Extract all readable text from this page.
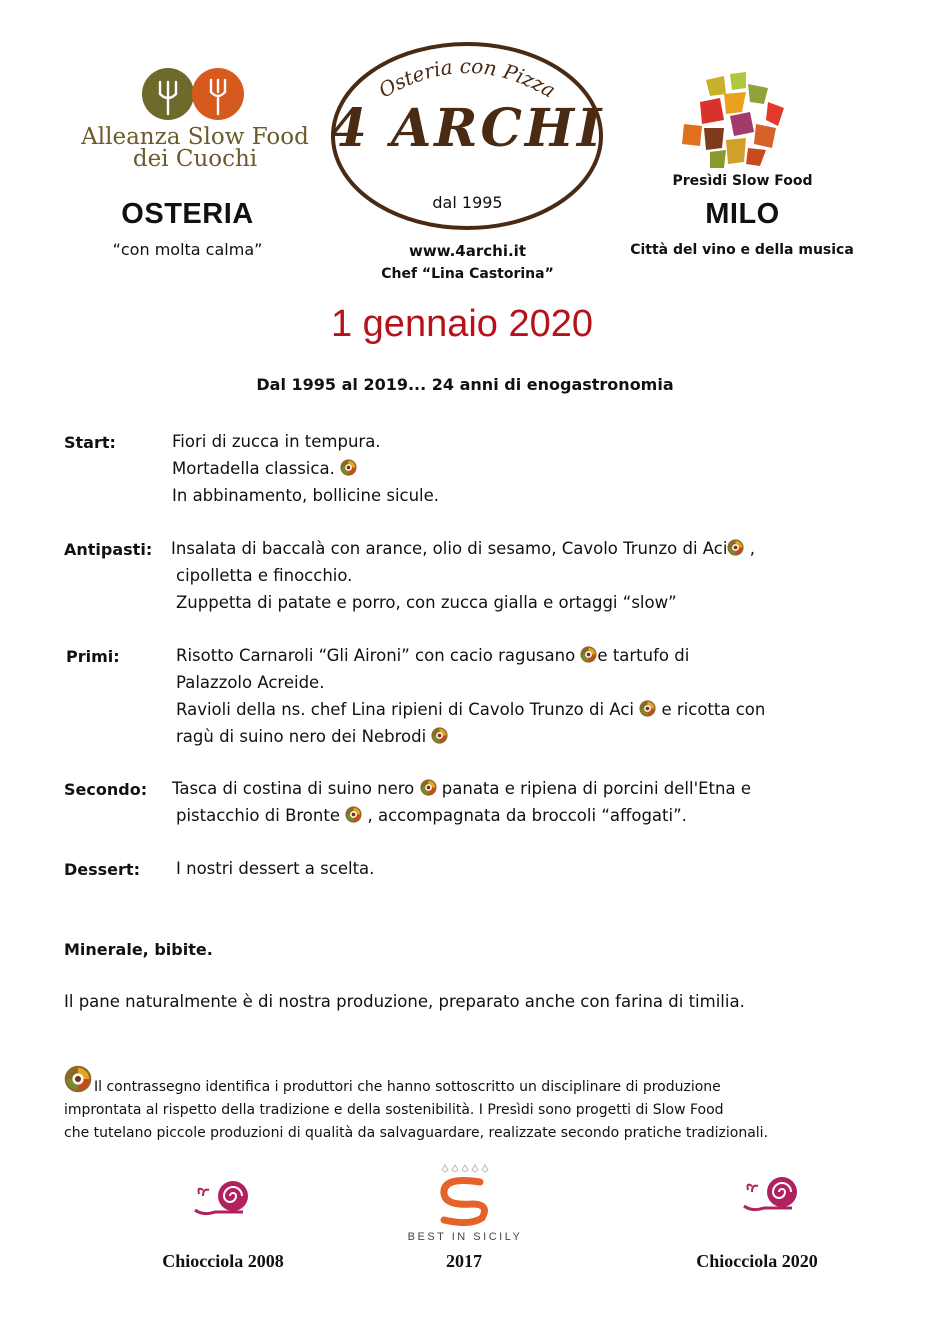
Alleanza Slow Food
dei Cuochi
OSTERIA
“con molta calma”
Osteria con Pizza
4 ARCHI
dal 1995
www.4archi.it
Chef “Lina Castorina”
Presìdi Slow Food
MILO
Città del vino e della musica
1 gennaio 2020
Dal 1995 al 2019... 24 anni di enogastronomia
Start:	Fiori di zucca in tempura.
Mortadella classica.
In abbinamento, bollicine sicule.
Antipasti: Insalata di baccalà con arance, olio di sesamo, Cavolo Trunzo di Aci ,
cipolletta e finocchio.
Zuppetta di patate e porro, con zucca gialla e ortaggi “slow”
Primi:	Risotto Carnaroli “Gli Aironi” con cacio ragusano e tartufo di
Palazzolo Acreide.
Ravioli della ns. chef Lina ripieni di Cavolo Trunzo di Aci e ricotta con
ragù di suino nero dei Nebrodi
Secondo: Tasca di costina di suino nero panata e ripiena di porcini dell'Etna e
pistacchio di Bronte , accompagnata da broccoli “affogati”.
Dessert: I nostri dessert a scelta.
Minerale, bibite.
Il pane naturalmente è di nostra produzione, preparato anche con farina di timilia.
Il contrassegno identifica i produttori che hanno sottoscritto un disciplinare di produzione
improntata al rispetto della tradizione e della sostenibilità. I Presìdi sono progetti di Slow Food
che tutelano piccole produzioni di qualità da salvaguardare, realizzate secondo pratiche tradizionali.
Chiocciola 2008
BEST IN SICILY
2017	Chiocciola 2020
